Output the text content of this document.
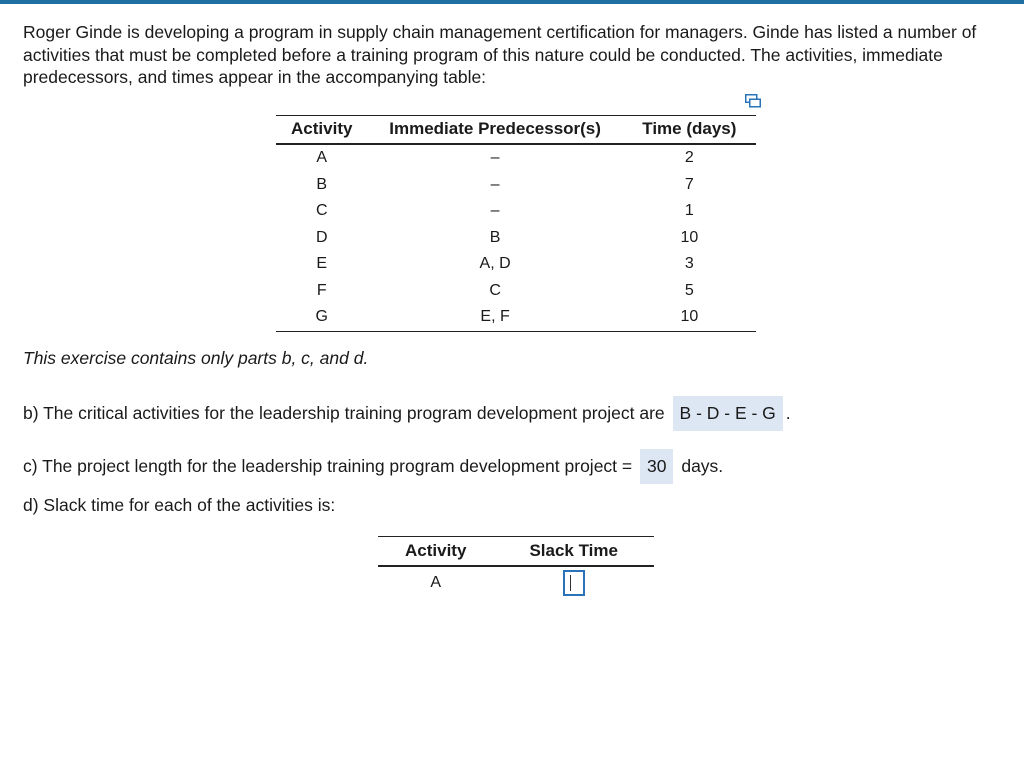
Roger Ginde is developing a program in supply chain management certification for managers. Ginde has listed a number of activities that must be completed before a training program of this nature could be conducted. The activities, immediate predecessors, and times appear in the accompanying table:

Activity	Immediate Predecessor(s)	Time (days)
A	–	2
B	–	7
C	–	1
D	B	10
E	A, D	3
F	C	5
G	E, F	10

This exercise contains only parts b, c, and d.

b) The critical activities for the leadership training program development project are B - D - E - G .

c) The project length for the leadership training program development project = 30 days.

d) Slack time for each of the activities is:

Activity	Slack Time
A	
